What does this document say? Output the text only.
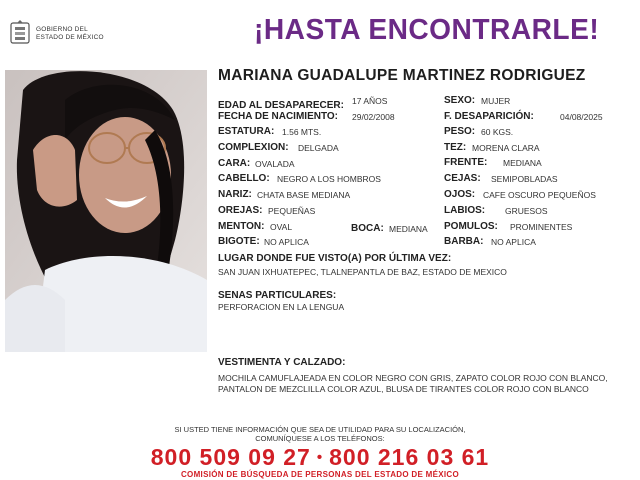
GOBIERNO DEL
ESTADO DE MÉXICO	¡HASTA ENCONTRARLE!
MARIANA GUADALUPE MARTINEZ RODRIGUEZ
EDAD AL DESAPARECER: 17 AÑOS
FECHA DE NACIMIENTO: 29/02/2008
ESTATURA: 1.56 MTS.
COMPLEXION: DELGADA
CARA: OVALADA
CABELLO: NEGRO A LOS HOMBROS
NARIZ: CHATA BASE MEDIANA
OREJAS: PEQUEÑAS
MENTON: OVAL	BOCA: MEDIANA
BIGOTE: NO APLICA
SEXO: MUJER
F. DESAPARICIÓN:	04/08/2025
PESO: 60 KGS.
TEZ: MORENA CLARA
FRENTE: MEDIANA
CEJAS: SEMIPOBLADAS
OJOS: CAFE OSCURO PEQUEÑOS
LABIOS: GRUESOS
POMULOS: PROMINENTES
BARBA: NO APLICA
LUGAR DONDE FUE VISTO(A) POR ÚLTIMA VEZ:
SAN JUAN IXHUATEPEC, TLALNEPANTLA DE BAZ, ESTADO DE MEXICO
SENAS PARTICULARES:
PERFORACION EN LA LENGUA
VESTIMENTA Y CALZADO:
MOCHILA CAMUFLAJEADA EN COLOR NEGRO CON GRIS, ZAPATO COLOR ROJO CON BLANCO, PANTALON DE MEZCLILLA COLOR AZUL, BLUSA DE TIRANTES COLOR ROJO CON BLANCO
SI USTED TIENE INFORMACIÓN QUE SEA DE UTILIDAD PARA SU LOCALIZACIÓN,
COMUNÍQUESE A LOS TELÉFONOS:
800 509 09 27 • 800 216 03 61
COMISIÓN DE BÚSQUEDA DE PERSONAS DEL ESTADO DE MÉXICO
